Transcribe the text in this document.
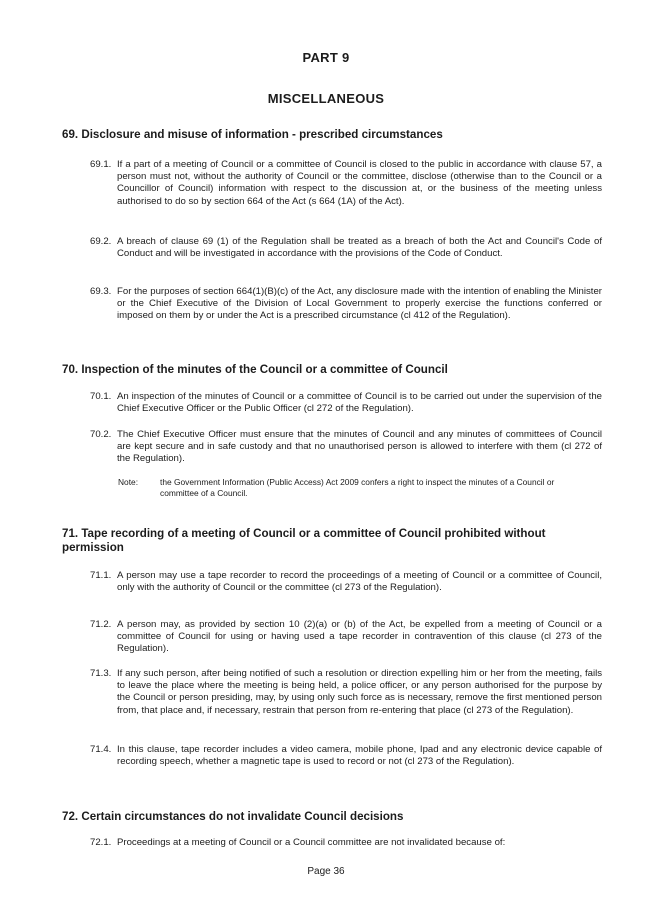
PART 9
MISCELLANEOUS
69. Disclosure and misuse of information - prescribed circumstances
69.1. If a part of a meeting of Council or a committee of Council is closed to the public in accordance with clause 57, a person must not, without the authority of Council or the committee, disclose (otherwise than to the Council or a Councillor of Council) information with respect to the discussion at, or the business of the meeting unless authorised to do so by section 664 of the Act (s 664 (1A) of the Act).
69.2. A breach of clause 69 (1) of the Regulation shall be treated as a breach of both the Act and Council's Code of Conduct and will be investigated in accordance with the provisions of the Code of Conduct.
69.3. For the purposes of section 664(1)(B)(c) of the Act, any disclosure made with the intention of enabling the Minister or the Chief Executive of the Division of Local Government to properly exercise the functions conferred or imposed on them by or under the Act is a prescribed circumstance (cl 412 of the Regulation).
70. Inspection of the minutes of the Council or a committee of Council
70.1. An inspection of the minutes of Council or a committee of Council is to be carried out under the supervision of the Chief Executive Officer or the Public Officer (cl 272 of the Regulation).
70.2. The Chief Executive Officer must ensure that the minutes of Council and any minutes of committees of Council are kept secure and in safe custody and that no unauthorised person is allowed to interfere with them (cl 272 of the Regulation).
Note:	the Government Information (Public Access) Act 2009 confers a right to inspect the minutes of a Council or committee of a Council.
71. Tape recording of a meeting of Council or a committee of Council prohibited without permission
71.1. A person may use a tape recorder to record the proceedings of a meeting of Council or a committee of Council, only with the authority of Council or the committee (cl 273 of the Regulation).
71.2. A person may, as provided by section 10 (2)(a) or (b) of the Act, be expelled from a meeting of Council or a committee of Council for using or having used a tape recorder in contravention of this clause (cl 273 of the Regulation).
71.3. If any such person, after being notified of such a resolution or direction expelling him or her from the meeting, fails to leave the place where the meeting is being held, a police officer, or any person authorised for the purpose by the Council or person presiding, may, by using only such force as is necessary, remove the first mentioned person from, that place and, if necessary, restrain that person from re-entering that place (cl 273 of the Regulation).
71.4. In this clause, tape recorder includes a video camera, mobile phone, Ipad and any electronic device capable of recording speech, whether a magnetic tape is used to record or not (cl 273 of the Regulation).
72. Certain circumstances do not invalidate Council decisions
72.1. Proceedings at a meeting of Council or a Council committee are not invalidated because of:
Page 36
